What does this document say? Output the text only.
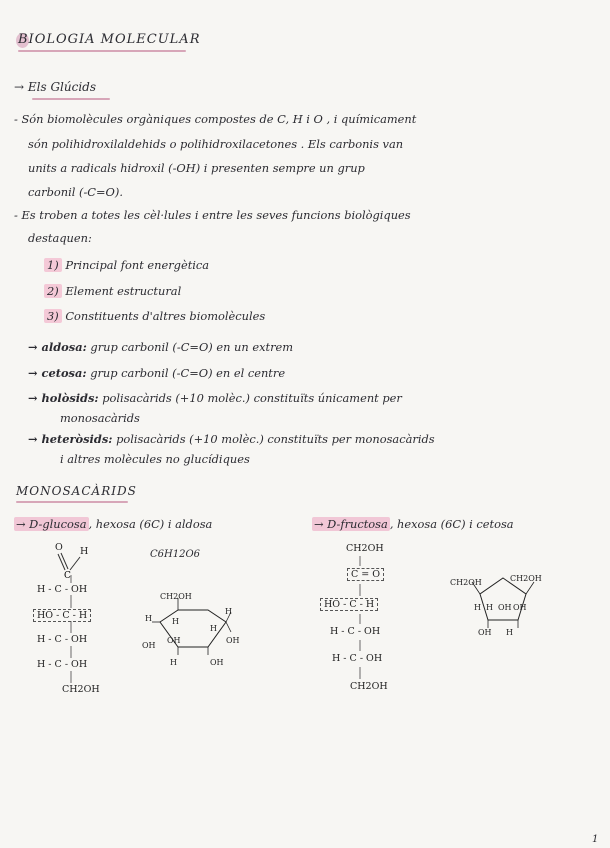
BIOLOGIA MOLECULAR
→ Els Glúcids
- Són biomolècules orgàniques compostes de C, H i O , i químicament
són polihidroxilaldehids o polihidroxilacetones . Els carbonis van
units a radicals hidroxil (-OH) i presenten sempre un grup
carbonil (-C=O).
- Es troben a totes les cèl·lules i entre les seves funcions biològiques
destaquen:
1) Principal font energètica
2) Element estructural
3) Constituents d'altres biomolècules
→ aldosa: grup carbonil (-C=O) en un extrem
→ cetosa: grup carbonil (-C=O) en el centre
→ holòsids: polisacàrids (+10 molèc.) constituïts únicament per
monosacàrids
→ heteròsids: polisacàrids (+10 molèc.) constituïts per monosacàrids
i altres molècules no glucídiques
MONOSACÀRIDS
→ D-glucosa , hexosa (6C) i aldosa
C6H12O6
O H
C
H - C - OH
HO - C - H
H - C - OH
H - C - OH
CH2OH
CH2OH
H
H	H
OH
OH	OH
H	OH
H
→ D-fructosa , hexosa (6C) i cetosa
CH2OH
C = O
HO - C - H
H - C - OH
H - C - OH
CH2OH
CH2OH	CH2OH
H H OH OH
OH H
1
